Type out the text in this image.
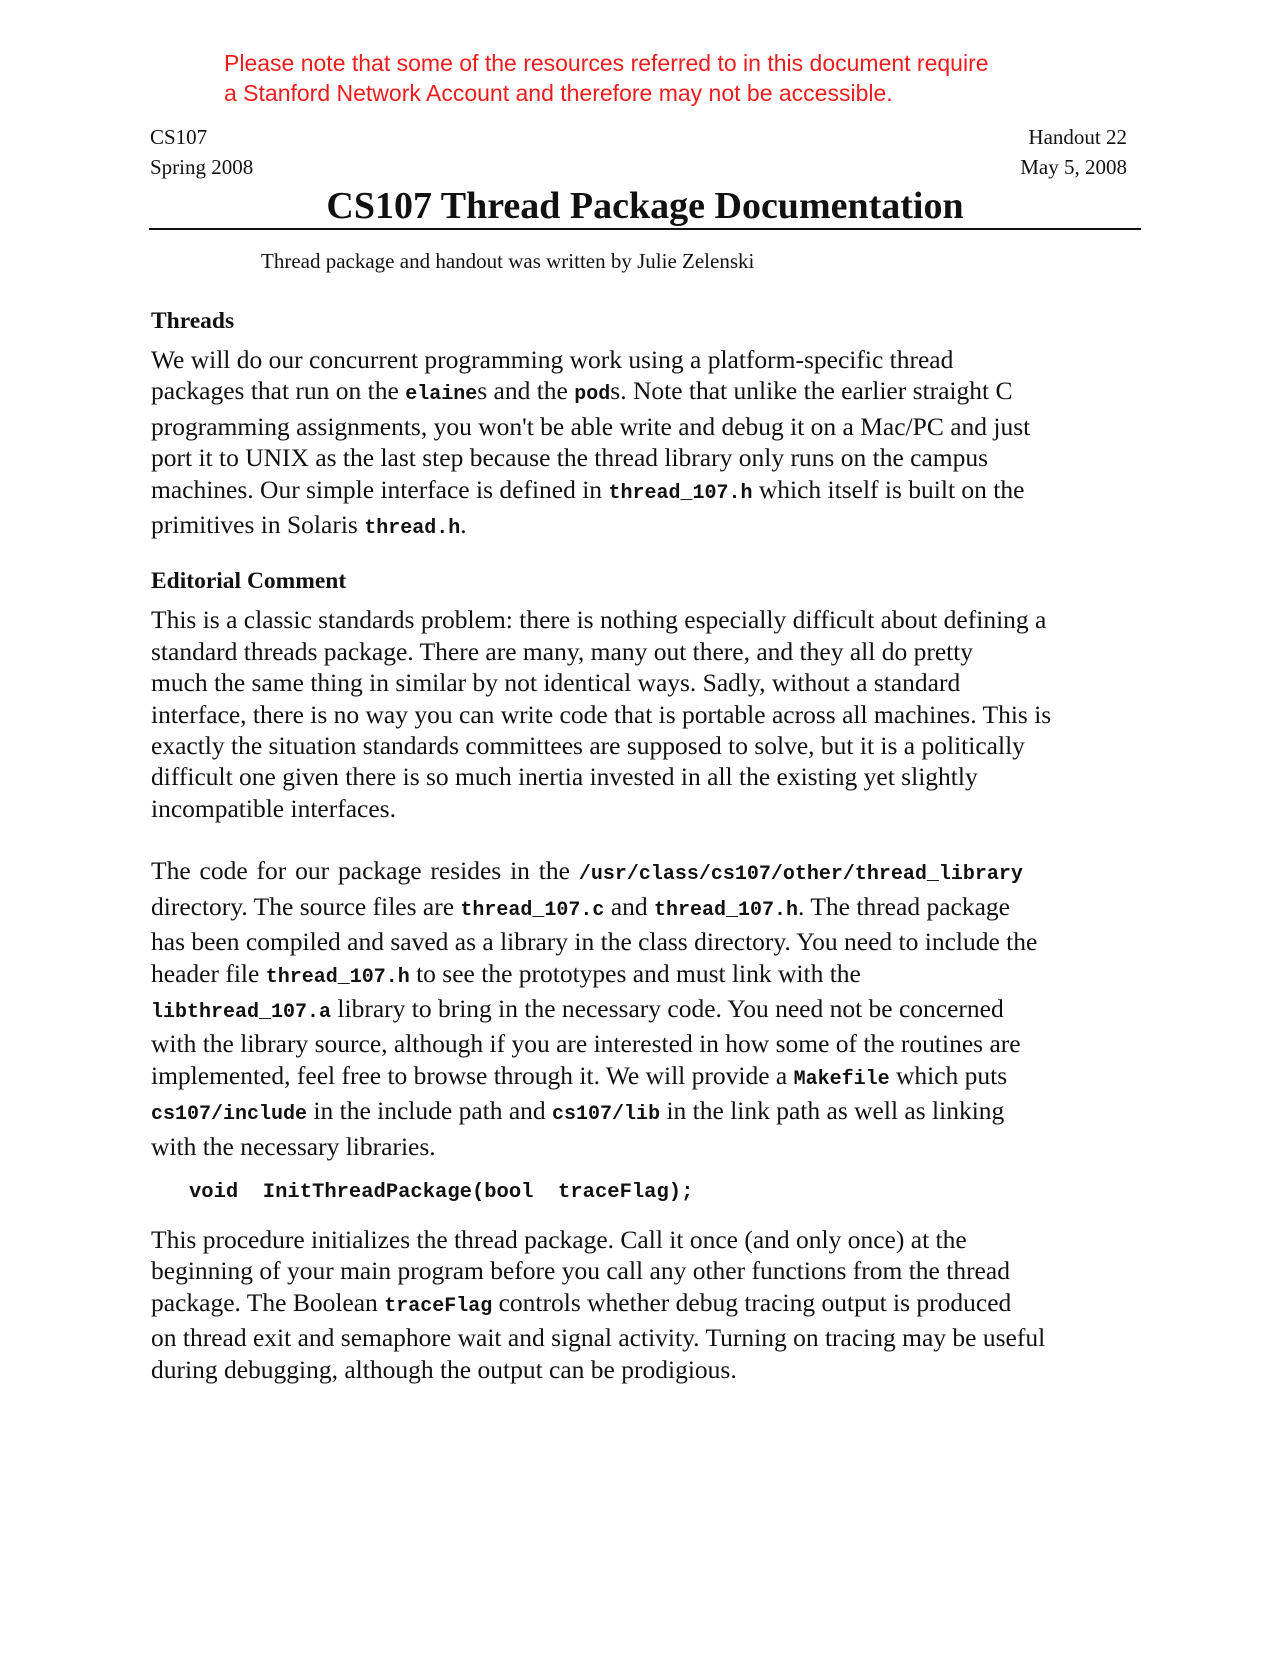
Please note that some of the resources referred to in this document require
a Stanford Network Account and therefore may not be accessible.
CS107
Spring 2008
Handout 22
May 5, 2008
CS107 Thread Package Documentation
Thread package and handout was written by Julie Zelenski
Threads

We will do our concurrent programming work using a platform-specific thread
packages that run on the elaines and the pods. Note that unlike the earlier straight C
programming assignments, you won't be able write and debug it on a Mac/PC and just
port it to UNIX as the last step because the thread library only runs on the campus
machines. Our simple interface is defined in thread_107.h which itself is built on the
primitives in Solaris thread.h.

Editorial Comment

This is a classic standards problem: there is nothing especially difficult about defining a
standard threads package. There are many, many out there, and they all do pretty
much the same thing in similar by not identical ways. Sadly, without a standard
interface, there is no way you can write code that is portable across all machines. This is
exactly the situation standards committees are supposed to solve, but it is a politically
difficult one given there is so much inertia invested in all the existing yet slightly
incompatible interfaces.

The code for our package resides in the /usr/class/cs107/other/thread_library
directory. The source files are thread_107.c and thread_107.h. The thread package
has been compiled and saved as a library in the class directory. You need to include the
header file thread_107.h to see the prototypes and must link with the
libthread_107.a library to bring in the necessary code. You need not be concerned
with the library source, although if you are interested in how some of the routines are
implemented, feel free to browse through it. We will provide a Makefile which puts
cs107/include in the include path and cs107/lib in the link path as well as linking
with the necessary libraries.

void  InitThreadPackage(bool  traceFlag);

This procedure initializes the thread package. Call it once (and only once) at the
beginning of your main program before you call any other functions from the thread
package. The Boolean traceFlag controls whether debug tracing output is produced
on thread exit and semaphore wait and signal activity. Turning on tracing may be useful
during debugging, although the output can be prodigious.
